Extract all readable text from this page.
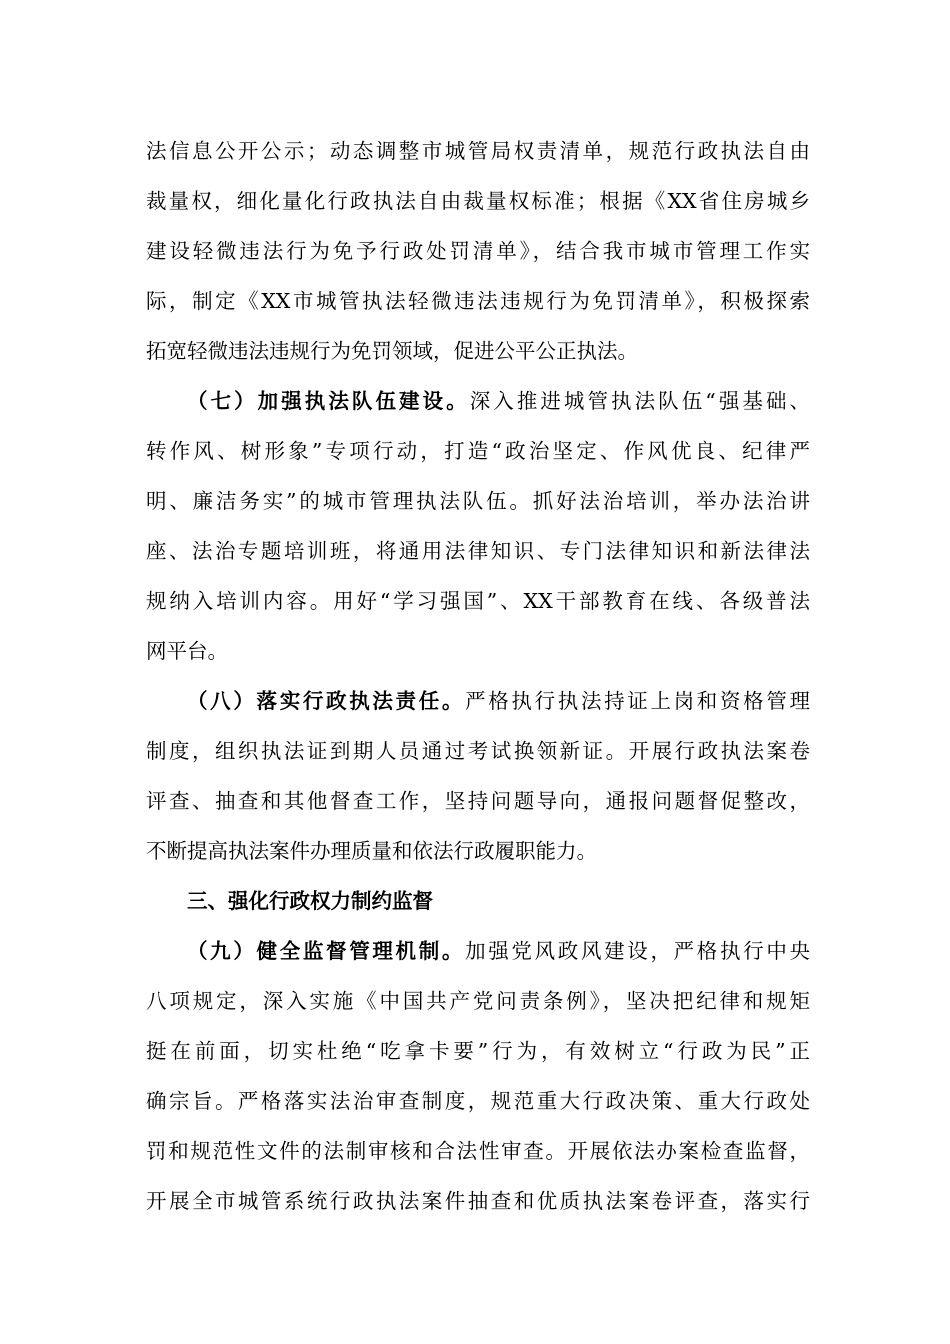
法信息公开公示；动态调整市城管局权责清单，规范行政执法自由
裁量权，细化量化行政执法自由裁量权标准；根据《XX省住房城乡
建设轻微违法行为免予行政处罚清单》，结合我市城市管理工作实
际，制定《XX市城管执法轻微违法违规行为免罚清单》，积极探索
拓宽轻微违法违规行为免罚领域，促进公平公正执法。
（七）加强执法队伍建设。深入推进城管执法队伍“强基础、
转作风、树形象”专项行动，打造“政治坚定、作风优良、纪律严
明、廉洁务实”的城市管理执法队伍。抓好法治培训，举办法治讲
座、法治专题培训班，将通用法律知识、专门法律知识和新法律法
规纳入培训内容。用好“学习强国”、XX干部教育在线、各级普法
网平台。
（八）落实行政执法责任。严格执行执法持证上岗和资格管理
制度，组织执法证到期人员通过考试换领新证。开展行政执法案卷
评查、抽查和其他督查工作，坚持问题导向，通报问题督促整改，
不断提高执法案件办理质量和依法行政履职能力。
三、强化行政权力制约监督
（九）健全监督管理机制。加强党风政风建设，严格执行中央
八项规定，深入实施《中国共产党问责条例》，坚决把纪律和规矩
挺在前面，切实杜绝“吃拿卡要”行为，有效树立“行政为民”正
确宗旨。严格落实法治审查制度，规范重大行政决策、重大行政处
罚和规范性文件的法制审核和合法性审查。开展依法办案检查监督，
开展全市城管系统行政执法案件抽查和优质执法案卷评查，落实行
